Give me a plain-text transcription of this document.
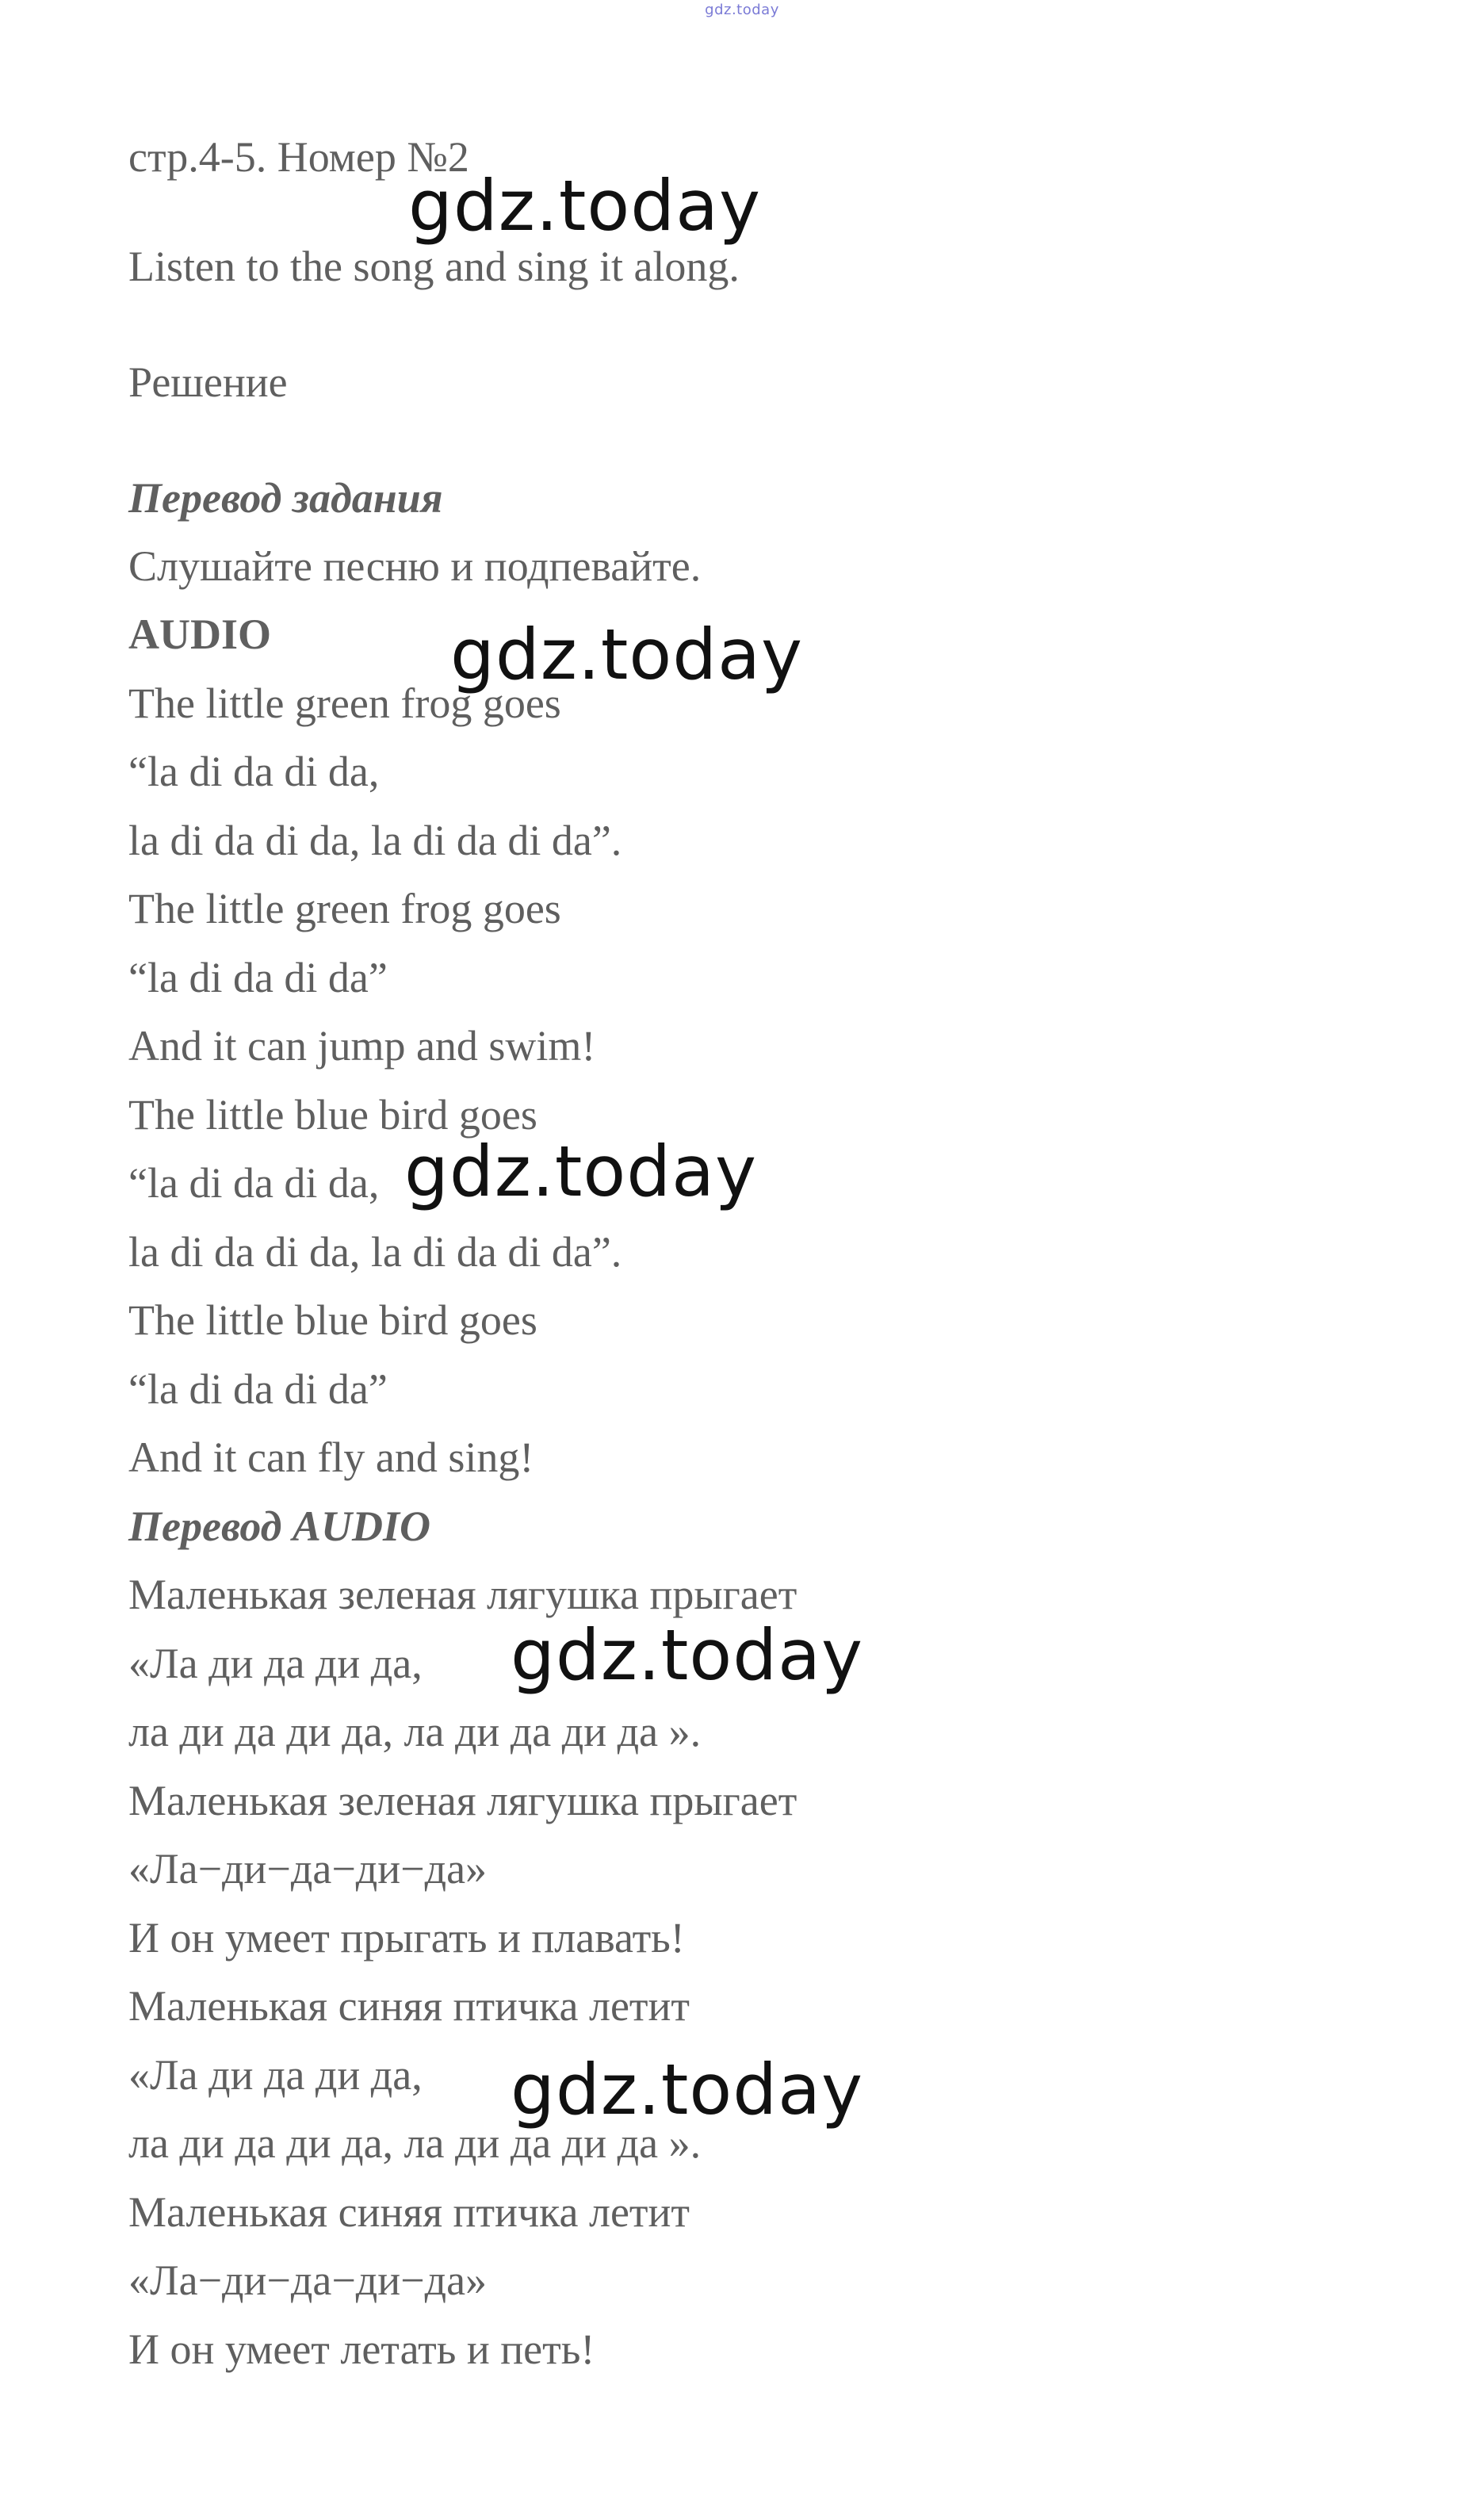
gdz.today
стр.4-5. Номер №2
Listen to the song and sing it along.
Решение
Перевод задания
Слушайте песню и подпевайте.
AUDIO
The little green frog goes
“la di da di da,
la di da di da, la di da di da”.
The little green frog goes
“la di da di da”
And it can jump and swim!
The little blue bird goes
“la di da di da,
la di da di da, la di da di da”.
The little blue bird goes
“la di da di da”
And it can fly and sing!
Перевод AUDIO
Маленькая зеленая лягушка прыгает
«Ла ди да ди да,
ла ди да ди да, ла ди да ди да ».
Маленькая зеленая лягушка прыгает
«Ла−ди−да−ди−да»
И он умеет прыгать и плавать!
Маленькая синяя птичка летит
«Ла ди да ди да,
ла ди да ди да, ла ди да ди да ».
Маленькая синяя птичка летит
«Ла−ди−да−ди−да»
И он умеет летать и петь!
gdz.today
gdz.today
gdz.today
gdz.today
gdz.today
